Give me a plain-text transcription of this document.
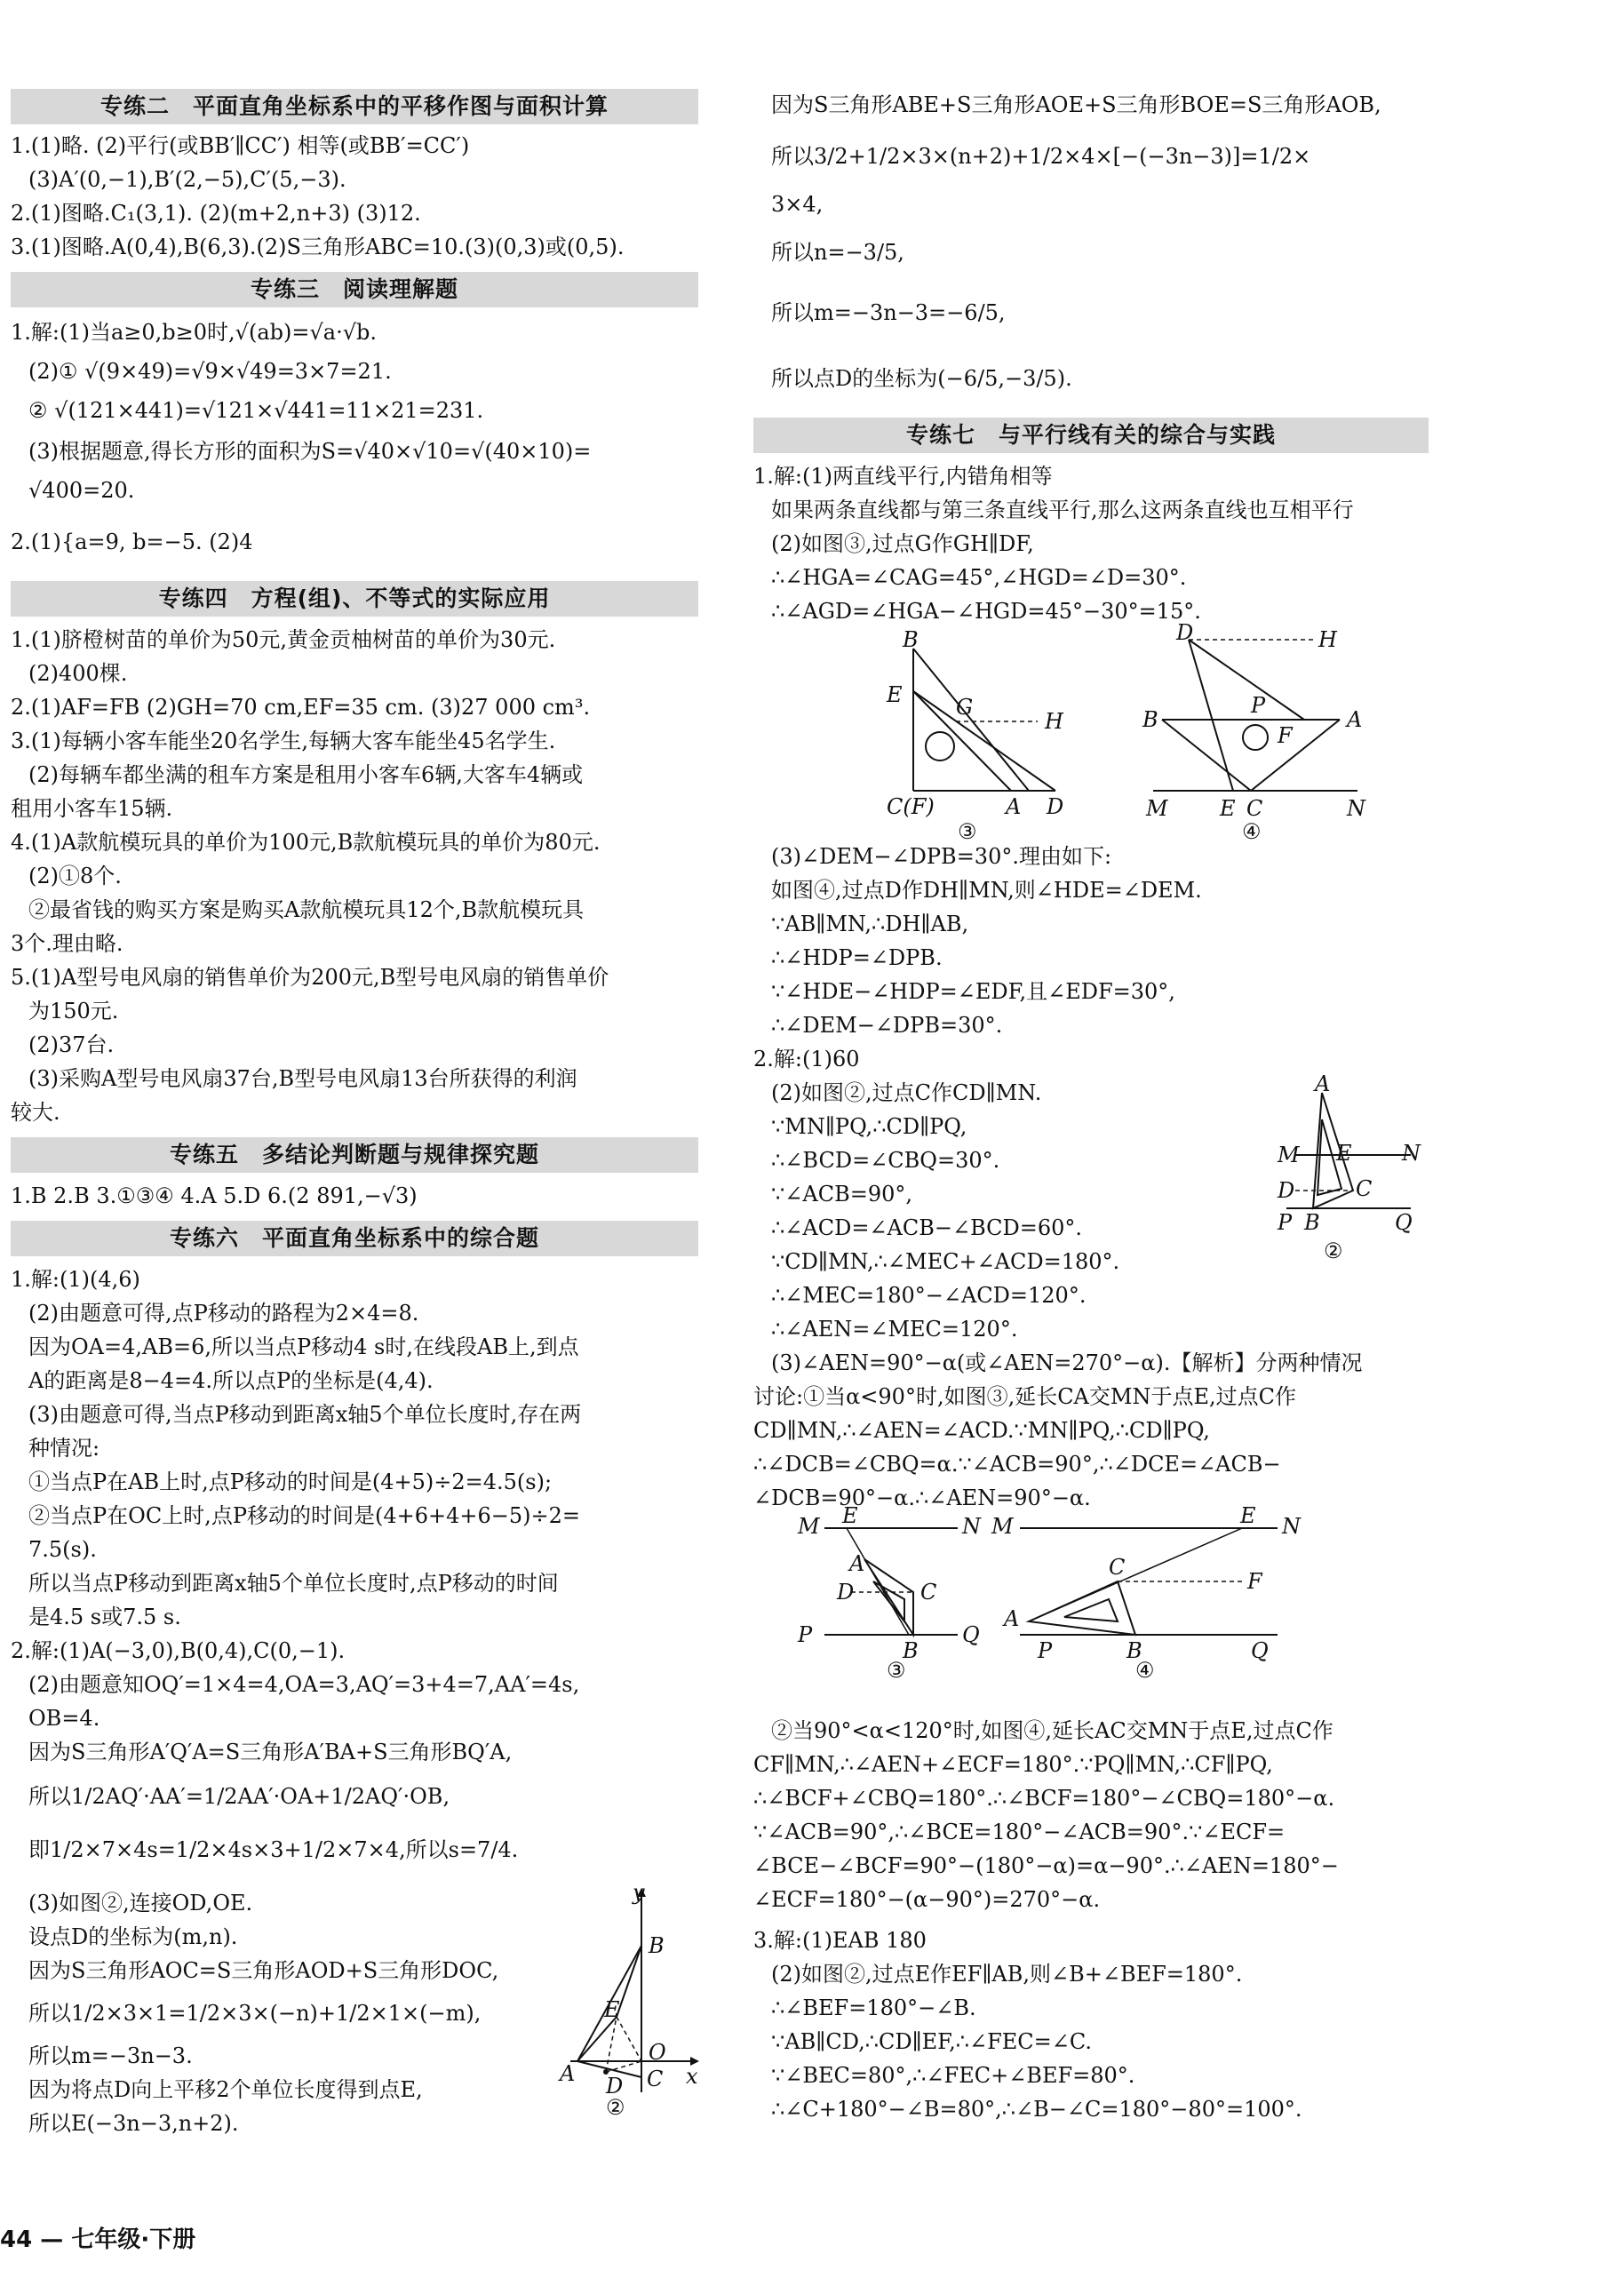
专练二　平面直角坐标系中的平移作图与面积计算
1.(1)略. (2)平行(或BB′∥CC′) 相等(或BB′=CC′)
(3)A′(0,−1),B′(2,−5),C′(5,−3).
2.(1)图略.C₁(3,1). (2)(m+2,n+3) (3)12.
3.(1)图略.A(0,4),B(6,3).(2)S三角形ABC=10.(3)(0,3)或(0,5).
专练三　阅读理解题
1.解:(1)当a≥0,b≥0时,√(ab)=√a·√b.
(2)① √(9×49)=√9×√49=3×7=21.
② √(121×441)=√121×√441=11×21=231.
(3)根据题意,得长方形的面积为S=√40×√10=√(40×10)=
√400=20.
2.(1){a=9, b=−5. (2)4
专练四　方程(组)、不等式的实际应用
1.(1)脐橙树苗的单价为50元,黄金贡柚树苗的单价为30元.
(2)400棵.
2.(1)AF=FB (2)GH=70 cm,EF=35 cm. (3)27 000 cm³.
3.(1)每辆小客车能坐20名学生,每辆大客车能坐45名学生.
(2)每辆车都坐满的租车方案是租用小客车6辆,大客车4辆或
租用小客车15辆.
4.(1)A款航模玩具的单价为100元,B款航模玩具的单价为80元.
(2)①8个.
②最省钱的购买方案是购买A款航模玩具12个,B款航模玩具
3个.理由略.
5.(1)A型号电风扇的销售单价为200元,B型号电风扇的销售单价
为150元.
(2)37台.
(3)采购A型号电风扇37台,B型号电风扇13台所获得的利润
较大.
专练五　多结论判断题与规律探究题
1.B 2.B 3.①③④ 4.A 5.D 6.(2 891,−√3)
专练六　平面直角坐标系中的综合题
1.解:(1)(4,6)
(2)由题意可得,点P移动的路程为2×4=8.
因为OA=4,AB=6,所以当点P移动4 s时,在线段AB上,到点
A的距离是8−4=4.所以点P的坐标是(4,4).
(3)由题意可得,当点P移动到距离x轴5个单位长度时,存在两
种情况:
①当点P在AB上时,点P移动的时间是(4+5)÷2=4.5(s);
②当点P在OC上时,点P移动的时间是(4+6+4+6−5)÷2=
7.5(s).
所以当点P移动到距离x轴5个单位长度时,点P移动的时间
是4.5 s或7.5 s.
2.解:(1)A(−3,0),B(0,4),C(0,−1).
(2)由题意知OQ′=1×4=4,OA=3,AQ′=3+4=7,AA′=4s,
OB=4.
因为S三角形A′Q′A=S三角形A′BA+S三角形BQ′A,
所以1/2AQ′·AA′=1/2AA′·OA+1/2AQ′·OB,
即1/2×7×4s=1/2×4s×3+1/2×7×4,所以s=7/4.
(3)如图②,连接OD,OE.
设点D的坐标为(m,n).
因为S三角形AOC=S三角形AOD+S三角形DOC,
所以1/2×3×1=1/2×3×(−n)+1/2×1×(−m),
所以m=−3n−3.
因为将点D向上平移2个单位长度得到点E,
所以E(−3n−3,n+2).
y
x
B
E
O
A D C
②
因为S三角形ABE+S三角形AOE+S三角形BOE=S三角形AOB,
所以3/2+1/2×3×(n+2)+1/2×4×[−(−3n−3)]=1/2×
3×4,
所以n=−3/5,
所以m=−3n−3=−6/5,
所以点D的坐标为(−6/5,−3/5).
专练七　与平行线有关的综合与实践
1.解:(1)两直线平行,内错角相等
如果两条直线都与第三条直线平行,那么这两条直线也互相平行
(2)如图③,过点G作GH∥DF,
∴∠HGA=∠CAG=45°,∠HGD=∠D=30°.
∴∠AGD=∠HGA−∠HGD=45°−30°=15°.
B
E	G
H
C(F)	A D
③
D	H
B
P
F
A
M E C	N
④
(3)∠DEM−∠DPB=30°.理由如下:
如图④,过点D作DH∥MN,则∠HDE=∠DEM.
∵AB∥MN,∴DH∥AB,
∴∠HDP=∠DPB.
∵∠HDE−∠HDP=∠EDF,且∠EDF=30°,
∴∠DEM−∠DPB=30°.
2.解:(1)60
(2)如图②,过点C作CD∥MN.
∵MN∥PQ,∴CD∥PQ,
∴∠BCD=∠CBQ=30°.
∵∠ACB=90°,
∴∠ACD=∠ACB−∠BCD=60°.
∵CD∥MN,∴∠MEC+∠ACD=180°.
∴∠MEC=180°−∠ACD=120°.
∴∠AEN=∠MEC=120°.
(3)∠AEN=90°−α(或∠AEN=270°−α).【解析】分两种情况
讨论:①当α<90°时,如图③,延长CA交MN于点E,过点C作
CD∥MN,∴∠AEN=∠ACD.∵MN∥PQ,∴CD∥PQ,
∴∠DCB=∠CBQ=α.∵∠ACB=90°,∴∠DCE=∠ACB−
∠DCB=90°−α.∴∠AEN=90°−α.
A
M E N
D	C
P B	Q
②
M E	N
A
D	C
P
B
Q
③
M	E N
C
F
A
P	B	Q
④
②当90°<α<120°时,如图④,延长AC交MN于点E,过点C作
CF∥MN,∴∠AEN+∠ECF=180°.∵PQ∥MN,∴CF∥PQ,
∴∠BCF+∠CBQ=180°.∴∠BCF=180°−∠CBQ=180°−α.
∵∠ACB=90°,∴∠BCE=180°−∠ACB=90°.∵∠ECF=
∠BCE−∠BCF=90°−(180°−α)=α−90°.∴∠AEN=180°−
∠ECF=180°−(α−90°)=270°−α.
3.解:(1)EAB 180
(2)如图②,过点E作EF∥AB,则∠B+∠BEF=180°.
∴∠BEF=180°−∠B.
∵AB∥CD,∴CD∥EF,∴∠FEC=∠C.
∵∠BEC=80°,∴∠FEC+∠BEF=80°.
∴∠C+180°−∠B=80°,∴∠B−∠C=180°−80°=100°.
44 — 七年级·下册
